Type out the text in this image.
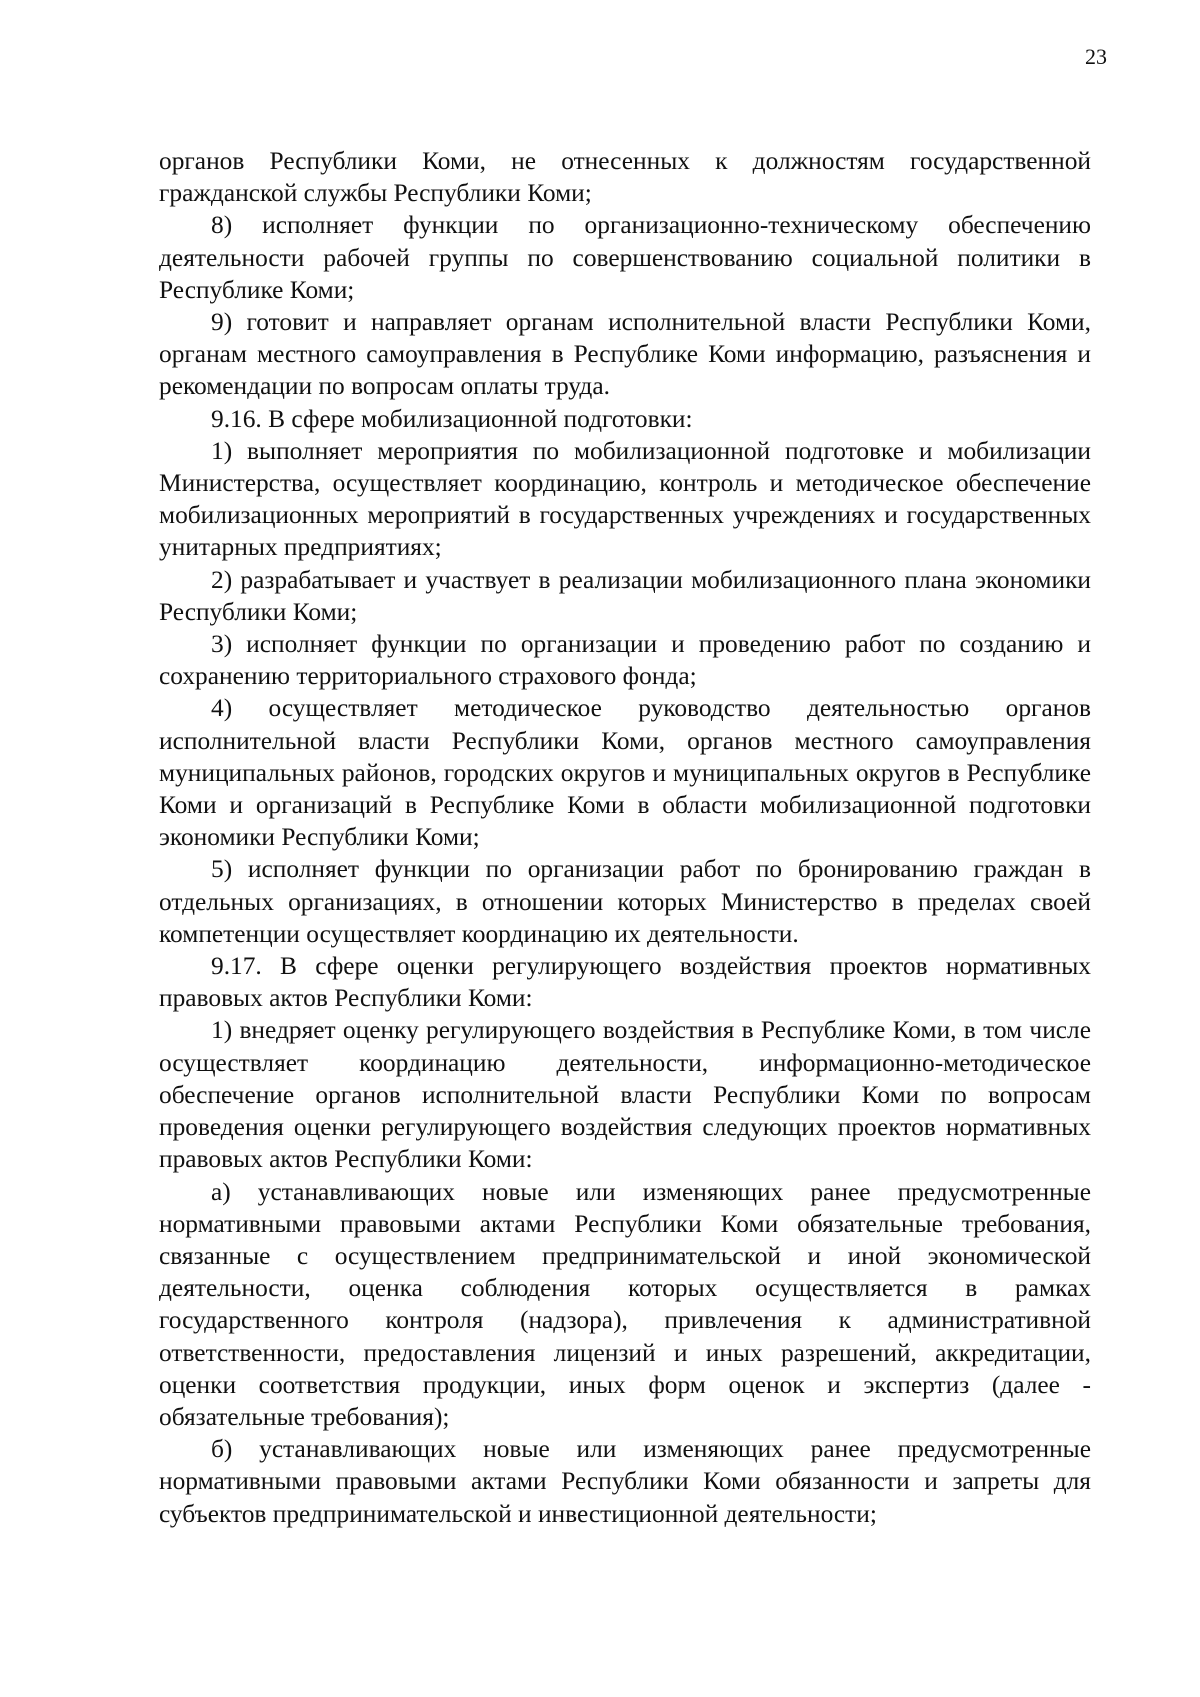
23

органов Республики Коми, не отнесенных к должностям государственной гражданской службы Республики Коми;

8) исполняет функции по организационно-техническому обеспечению деятельности рабочей группы по совершенствованию социальной политики в Республике Коми;

9) готовит и направляет органам исполнительной власти Республики Коми, органам местного самоуправления в Республике Коми информацию, разъяснения и рекомендации по вопросам оплаты труда.

9.16. В сфере мобилизационной подготовки:

1) выполняет мероприятия по мобилизационной подготовке и мобилизации Министерства, осуществляет координацию, контроль и методическое обеспечение мобилизационных мероприятий в государственных учреждениях и государственных унитарных предприятиях;

2) разрабатывает и участвует в реализации мобилизационного плана экономики Республики Коми;

3) исполняет функции по организации и проведению работ по созданию и сохранению территориального страхового фонда;

4) осуществляет методическое руководство деятельностью органов исполнительной власти Республики Коми, органов местного самоуправления муниципальных районов, городских округов и муниципальных округов в Республике Коми и организаций в Республике Коми в области мобилизационной подготовки экономики Республики Коми;

5) исполняет функции по организации работ по бронированию граждан в отдельных организациях, в отношении которых Министерство в пределах своей компетенции осуществляет координацию их деятельности.

9.17. В сфере оценки регулирующего воздействия проектов нормативных правовых актов Республики Коми:

1) внедряет оценку регулирующего воздействия в Республике Коми, в том числе осуществляет координацию деятельности, информационно-методическое обеспечение органов исполнительной власти Республики Коми по вопросам проведения оценки регулирующего воздействия следующих проектов нормативных правовых актов Республики Коми:

а) устанавливающих новые или изменяющих ранее предусмотренные нормативными правовыми актами Республики Коми обязательные требования, связанные с осуществлением предпринимательской и иной экономической деятельности, оценка соблюдения которых осуществляется в рамках государственного контроля (надзора), привлечения к административной ответственности, предоставления лицензий и иных разрешений, аккредитации, оценки соответствия продукции, иных форм оценок и экспертиз (далее - обязательные требования);

б) устанавливающих новые или изменяющих ранее предусмотренные нормативными правовыми актами Республики Коми обязанности и запреты для субъектов предпринимательской и инвестиционной деятельности;
